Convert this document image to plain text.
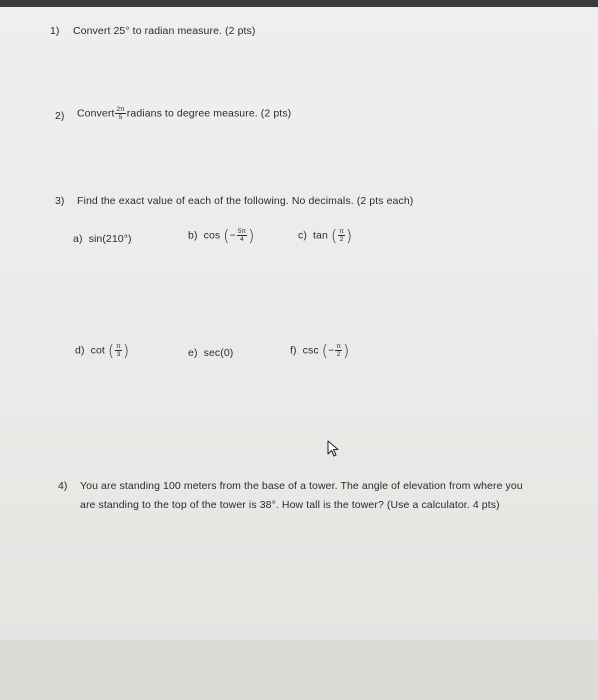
1) Convert 25° to radian measure. (2 pts)
2) Convert $\frac{2\pi}{5}$ radians to degree measure. (2 pts)
3) Find the exact value of each of the following. No decimals. (2 pts each)
a) sin(210°)	b) cos (− $\frac{5\pi}{4}$ )	c) tan ( $\frac{\pi}{2}$ )
d) cot ( $\frac{\pi}{3}$ )	e) sec(0)	f) csc (− $\frac{\pi}{2}$ )
4) You are standing 100 meters from the base of a tower. The angle of elevation from where you
are standing to the top of the tower is 38°. How tall is the tower? (Use a calculator. 4 pts)
